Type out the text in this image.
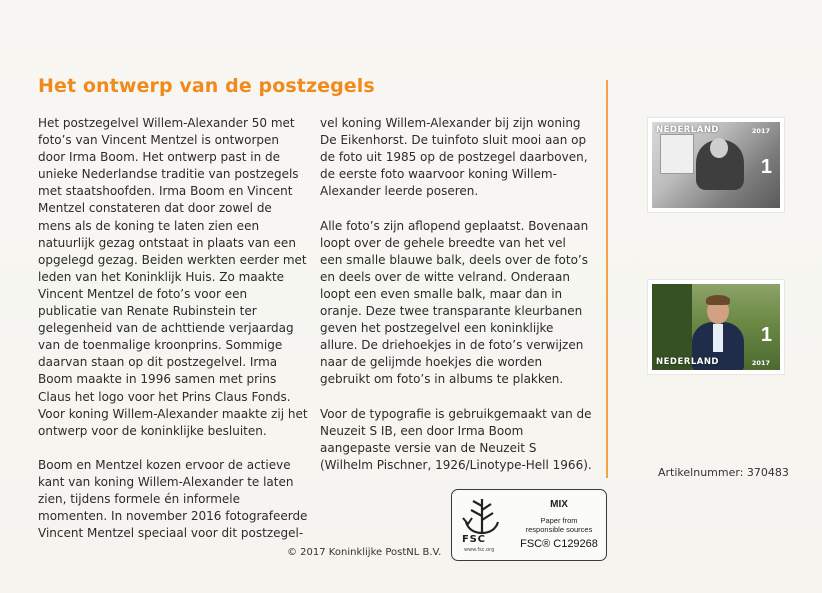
Het ontwerp van de postzegels

Het postzegelvel Willem-Alexander 50 met foto’s van Vincent Mentzel is ontworpen door Irma Boom. Het ontwerp past in de unieke Nederlandse traditie van postzegels met staatshoofden. Irma Boom en Vincent Mentzel constateren dat door zowel de mens als de koning te laten zien een natuurlijk gezag ontstaat in plaats van een opgelegd gezag. Beiden werkten eerder met leden van het Koninklijk Huis. Zo maakte Vincent Mentzel de foto’s voor een publicatie van Renate Rubinstein ter gelegenheid van de achttiende verjaardag van de toenmalige kroonprins. Sommige daarvan staan op dit postzegelvel. Irma Boom maakte in 1996 samen met prins Claus het logo voor het Prins Claus Fonds. Voor koning Willem-Alexander maakte zij het ontwerp voor de koninklijke besluiten.

Boom en Mentzel kozen ervoor de actieve kant van koning Willem-Alexander te laten zien, tijdens formele én informele momenten. In november 2016 fotografeerde Vincent Mentzel speciaal voor dit postzegel-

vel koning Willem-Alexander bij zijn woning De Eikenhorst. De tuinfoto sluit mooi aan op de foto uit 1985 op de postzegel daarboven, de eerste foto waarvoor koning Willem-Alexander leerde poseren.

Alle foto’s zijn aflopend geplaatst. Bovenaan loopt over de gehele breedte van het vel een smalle blauwe balk, deels over de foto’s en deels over de witte velrand. Onderaan loopt een even smalle balk, maar dan in oranje. Deze twee transparante kleurbanen geven het postzegelvel een koninklijke allure. De driehoekjes in de foto’s verwijzen naar de gelijmde hoekjes die worden gebruikt om foto’s in albums te plakken.

Voor de typografie is gebruikgemaakt van de Neuzeit S IB, een door Irma Boom aangepaste versie van de Neuzeit S (Wilhelm Pischner, 1926/Linotype-Hell 1966).

NEDERLAND	2017
1
NEDERLAND	2017
1
Artikelnummer: 370483
FSC
www.fsc.org
MIX
Paper from
responsible sources
FSC® C129268
© 2017 Koninklijke PostNL B.V.
